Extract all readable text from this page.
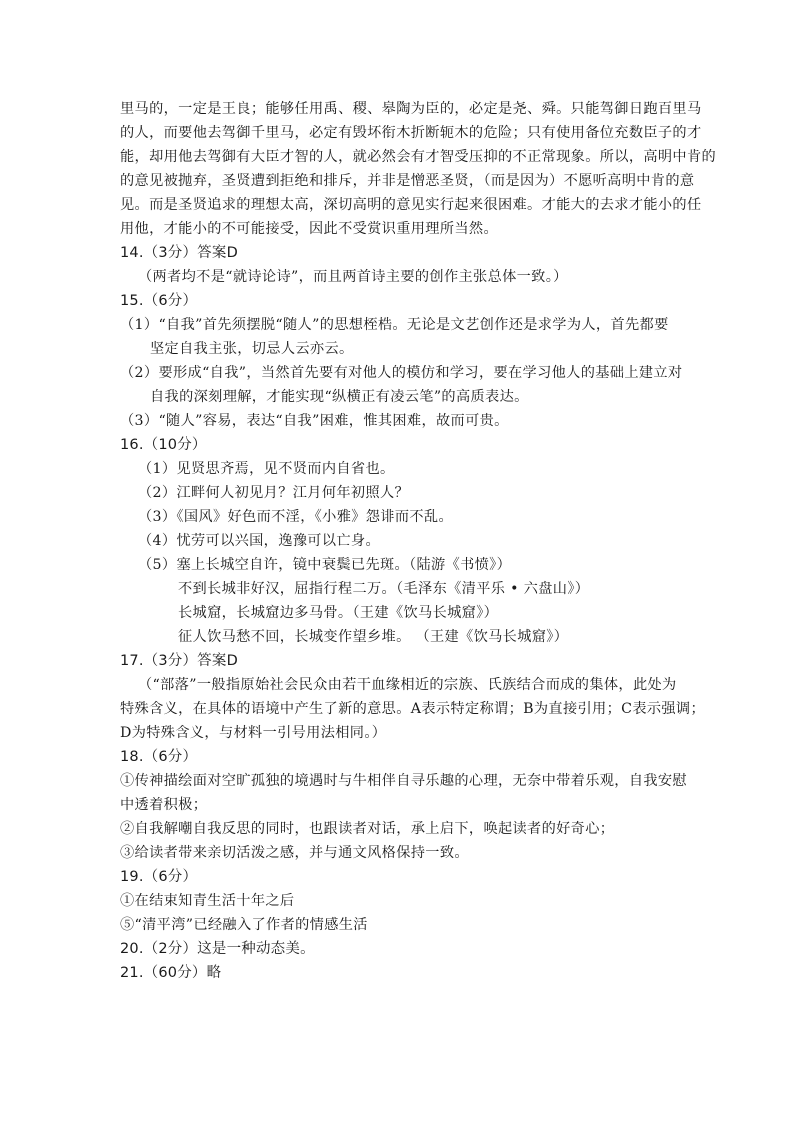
里马的，一定是王良；能够任用禹、稷、皋陶为臣的，必定是尧、舜。只能驾御日跑百里马
的人，而要他去驾御千里马，必定有毁坏衔木折断轭木的危险；只有使用备位充数臣子的才
能，却用他去驾御有大臣才智的人，就必然会有才智受压抑的不正常现象。所以，高明中肯的
的意见被抛弃，圣贤遭到拒绝和排斥，并非是憎恶圣贤，（而是因为）不愿听高明中肯的意
见。而是圣贤追求的理想太高，深切高明的意见实行起来很困难。才能大的去求才能小的任
用他，才能小的不可能接受，因此不受赏识重用理所当然。
14.（3分）答案D
（两者均不是“就诗论诗”，而且两首诗主要的创作主张总体一致。）
15.（6分）
（1）“自我”首先须摆脱“随人”的思想桎梏。无论是文艺创作还是求学为人，首先都要
坚定自我主张，切忌人云亦云。
（2）要形成“自我”，当然首先要有对他人的模仿和学习，要在学习他人的基础上建立对
自我的深刻理解，才能实现“纵横正有凌云笔”的高质表达。
（3）“随人”容易，表达“自我”困难，惟其困难，故而可贵。
16.（10分）
（1）见贤思齐焉，见不贤而内自省也。
（2）江畔何人初见月？江月何年初照人？
（3）《国风》好色而不淫，《小雅》怨诽而不乱。
（4）忧劳可以兴国，逸豫可以亡身。
（5）塞上长城空自许，镜中衰鬓已先斑。（陆游《书愤》）
不到长城非好汉，屈指行程二万。（毛泽东《清平乐 • 六盘山》）
长城窟，长城窟边多马骨。（王建《饮马长城窟》）
征人饮马愁不回，长城变作望乡堆。 （王建《饮马长城窟》）
17.（3分）答案D
（“部落”一般指原始社会民众由若干血缘相近的宗族、氏族结合而成的集体，此处为
特殊含义，在具体的语境中产生了新的意思。A表示特定称谓；B为直接引用；C表示强调；
D为特殊含义，与材料一引号用法相同。）
18.（6分）
①传神描绘面对空旷孤独的境遇时与牛相伴自寻乐趣的心理，无奈中带着乐观，自我安慰
中透着积极；
②自我解嘲自我反思的同时，也跟读者对话，承上启下，唤起读者的好奇心；
③给读者带来亲切活泼之感，并与通文风格保持一致。
19.（6分）
①在结束知青生活十年之后
⑤“清平湾”已经融入了作者的情感生活
20.（2分）这是一种动态美。
21.（60分）略
